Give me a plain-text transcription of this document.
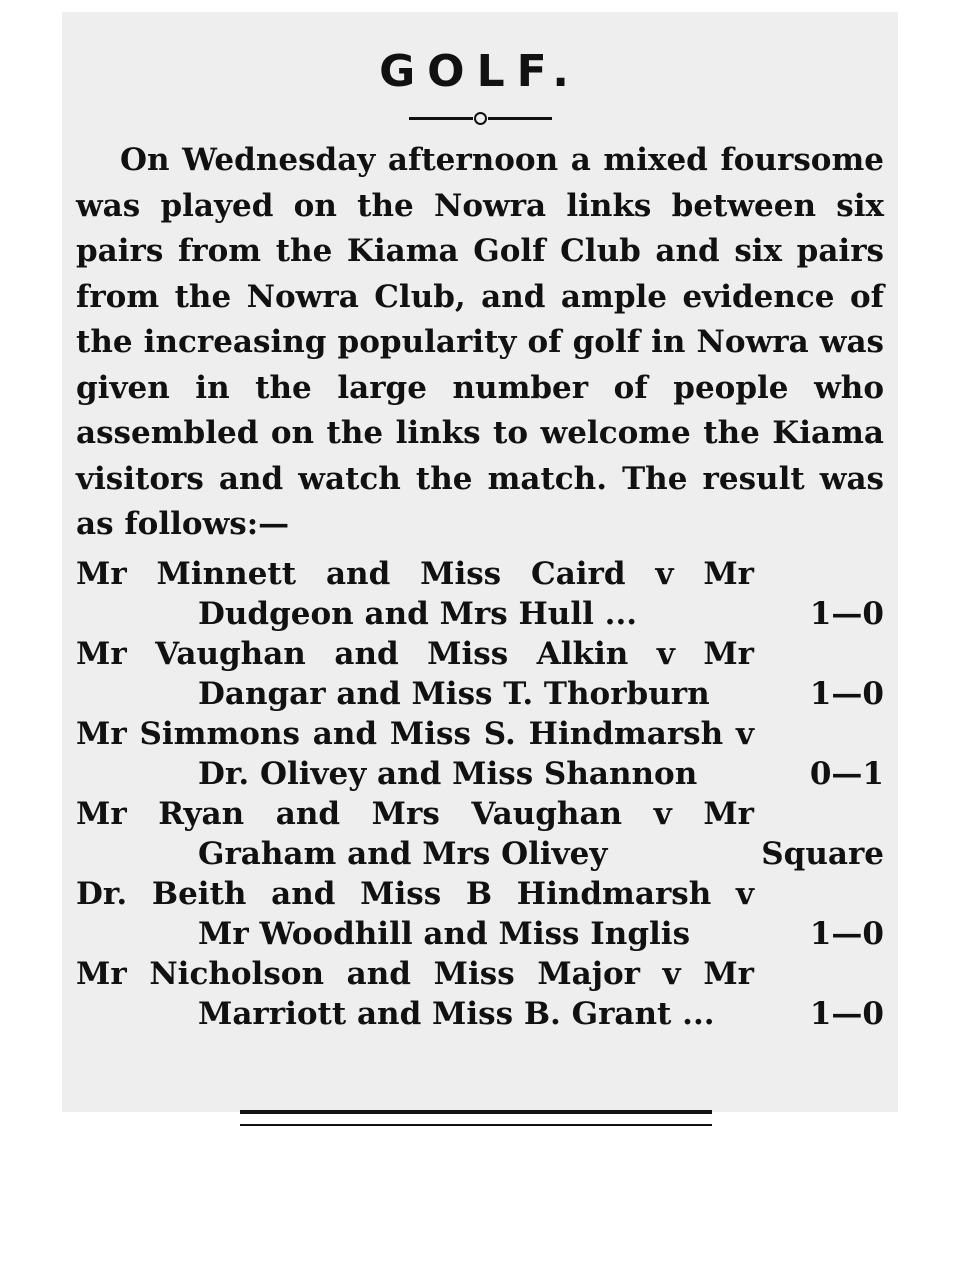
GOLF.

On Wednesday afternoon a mixed foursome was played on the Nowra links between six pairs from the Kiama Golf Club and six pairs from the Nowra Club, and ample evidence of the increasing popularity of golf in Nowra was given in the large number of people who assembled on the links to welcome the Kiama visitors and watch the match. The result was as follows:—

Mr Minnett and Miss Caird v Mr
Dudgeon and Mrs Hull ...	1—0
Mr Vaughan and Miss Alkin v Mr
Dangar and Miss T. Thorburn	1—0
Mr Simmons and Miss S. Hindmarsh v
Dr. Olivey and Miss Shannon	0—1
Mr Ryan and Mrs Vaughan v Mr
Graham and Mrs Olivey	Square
Dr. Beith and Miss B Hindmarsh v
Mr Woodhill and Miss Inglis	1—0
Mr Nicholson and Miss Major v Mr
Marriott and Miss B. Grant ...	1—0
